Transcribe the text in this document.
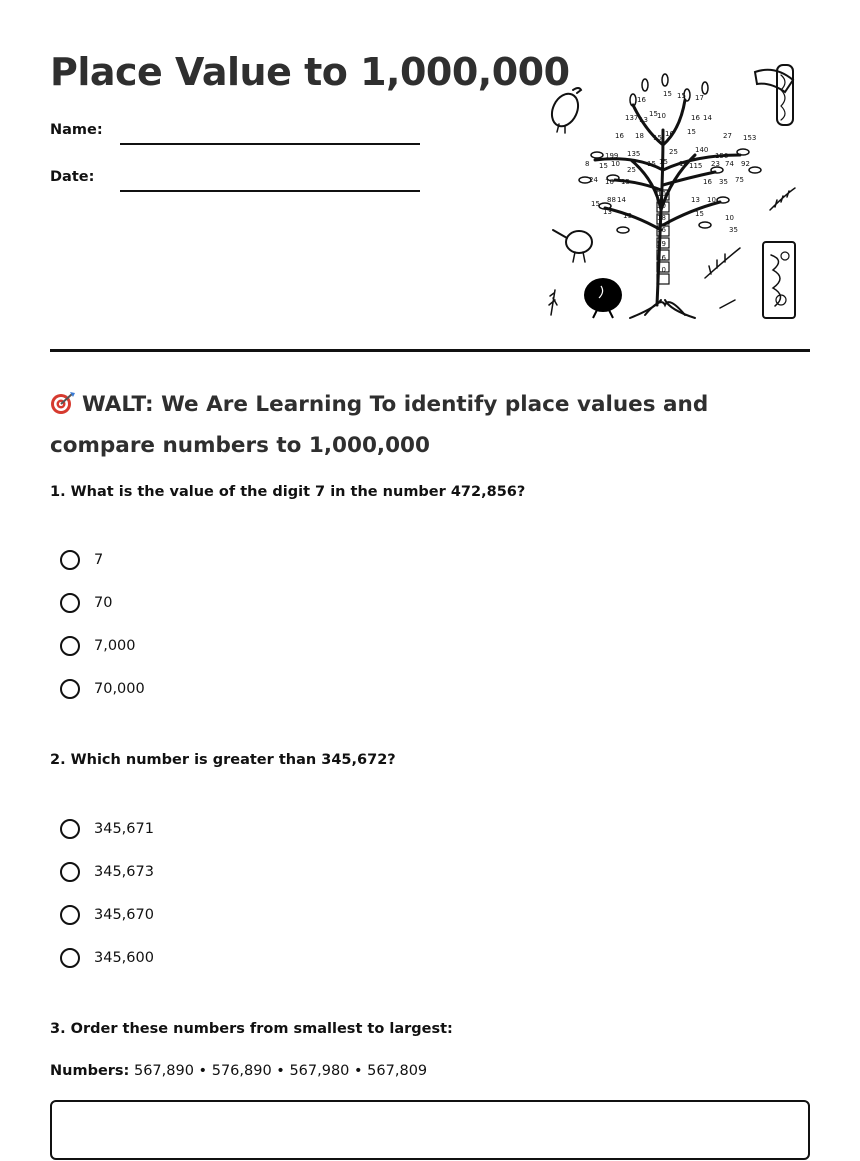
Place Value to 1,000,000
Name:
Date:
16
15 15 17
137 13
15 10	16 14
16 18 15 16 15	27 153
199 135	25 140
150
8 15 10
25
15 15 14 115 23 74 92
24 10 15
10
16 35 75
88 14	13 10
15	30
13	15
19	18	10
16	35
59
16
10
WALT: We Are Learning To identify place values and compare numbers to 1,000,000

1. What is the value of the digit 7 in the number 472,856?

7
70
7,000
70,000

2. Which number is greater than 345,672?

345,671
345,673
345,670
345,600

3. Order these numbers from smallest to largest:

Numbers: 567,890 • 576,890 • 567,980 • 567,809
